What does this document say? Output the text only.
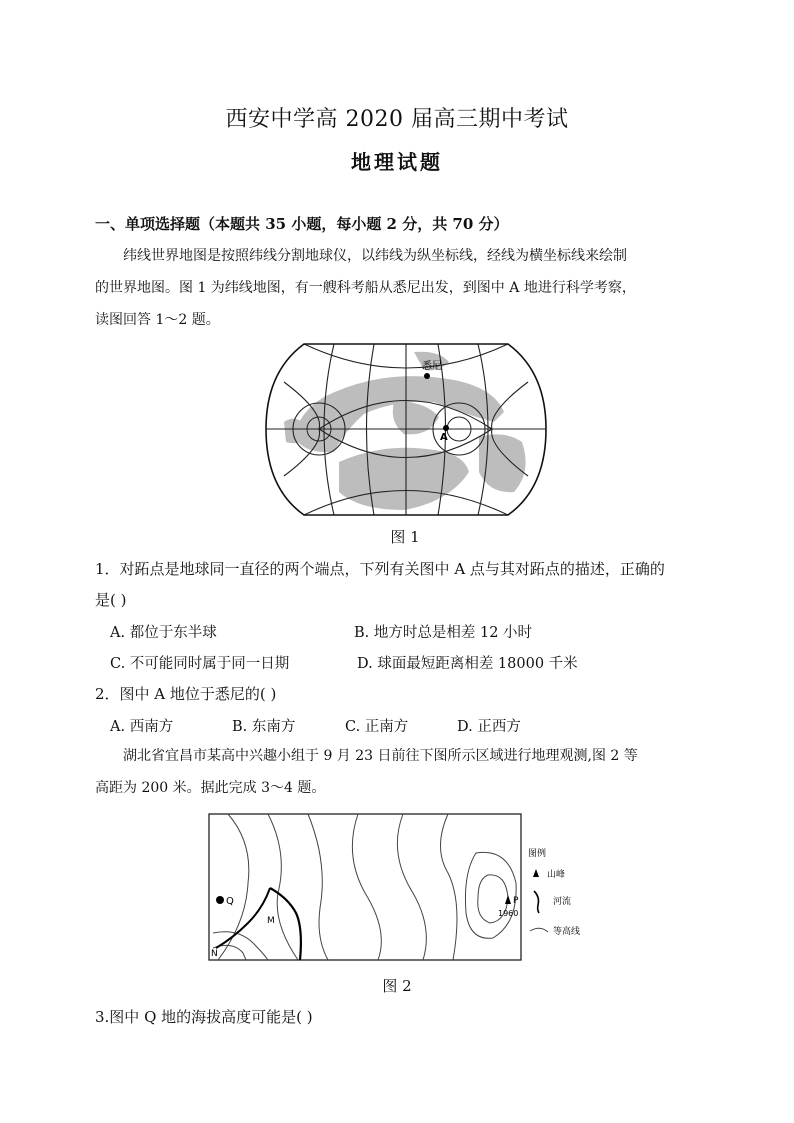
西安中学高 2020 届高三期中考试
地理试题
一、单项选择题（本题共 35 小题，每小题 2 分，共 70 分）
纬线世界地图是按照纬线分割地球仪，以纬线为纵坐标线，经线为横坐标线来绘制
的世界地图。图 1 为纬线地图，有一艘科考船从悉尼出发，到图中 A 地进行科学考察，
读图回答 1～2 题。
悉尼
A
图 1
1．对跖点是地球同一直径的两个端点，下列有关图中 A 点与其对跖点的描述，正确的
是( )
A. 都位于东半球	B. 地方时总是相差 12 小时
C. 不可能同时属于同一日期	D. 球面最短距离相差 18000 千米
2．图中 A 地位于悉尼的( )
A. 西南方	B. 东南方	C. 正南方	D. 正西方
湖北省宜昌市某高中兴趣小组于 9 月 23 日前往下图所示区域进行地理观测,图 2 等
高距为 200 米。据此完成 3～4 题。
Q
M
N
P
1960
图例
山峰
河流
等高线
图 2
3.图中 Q 地的海拔高度可能是( )
